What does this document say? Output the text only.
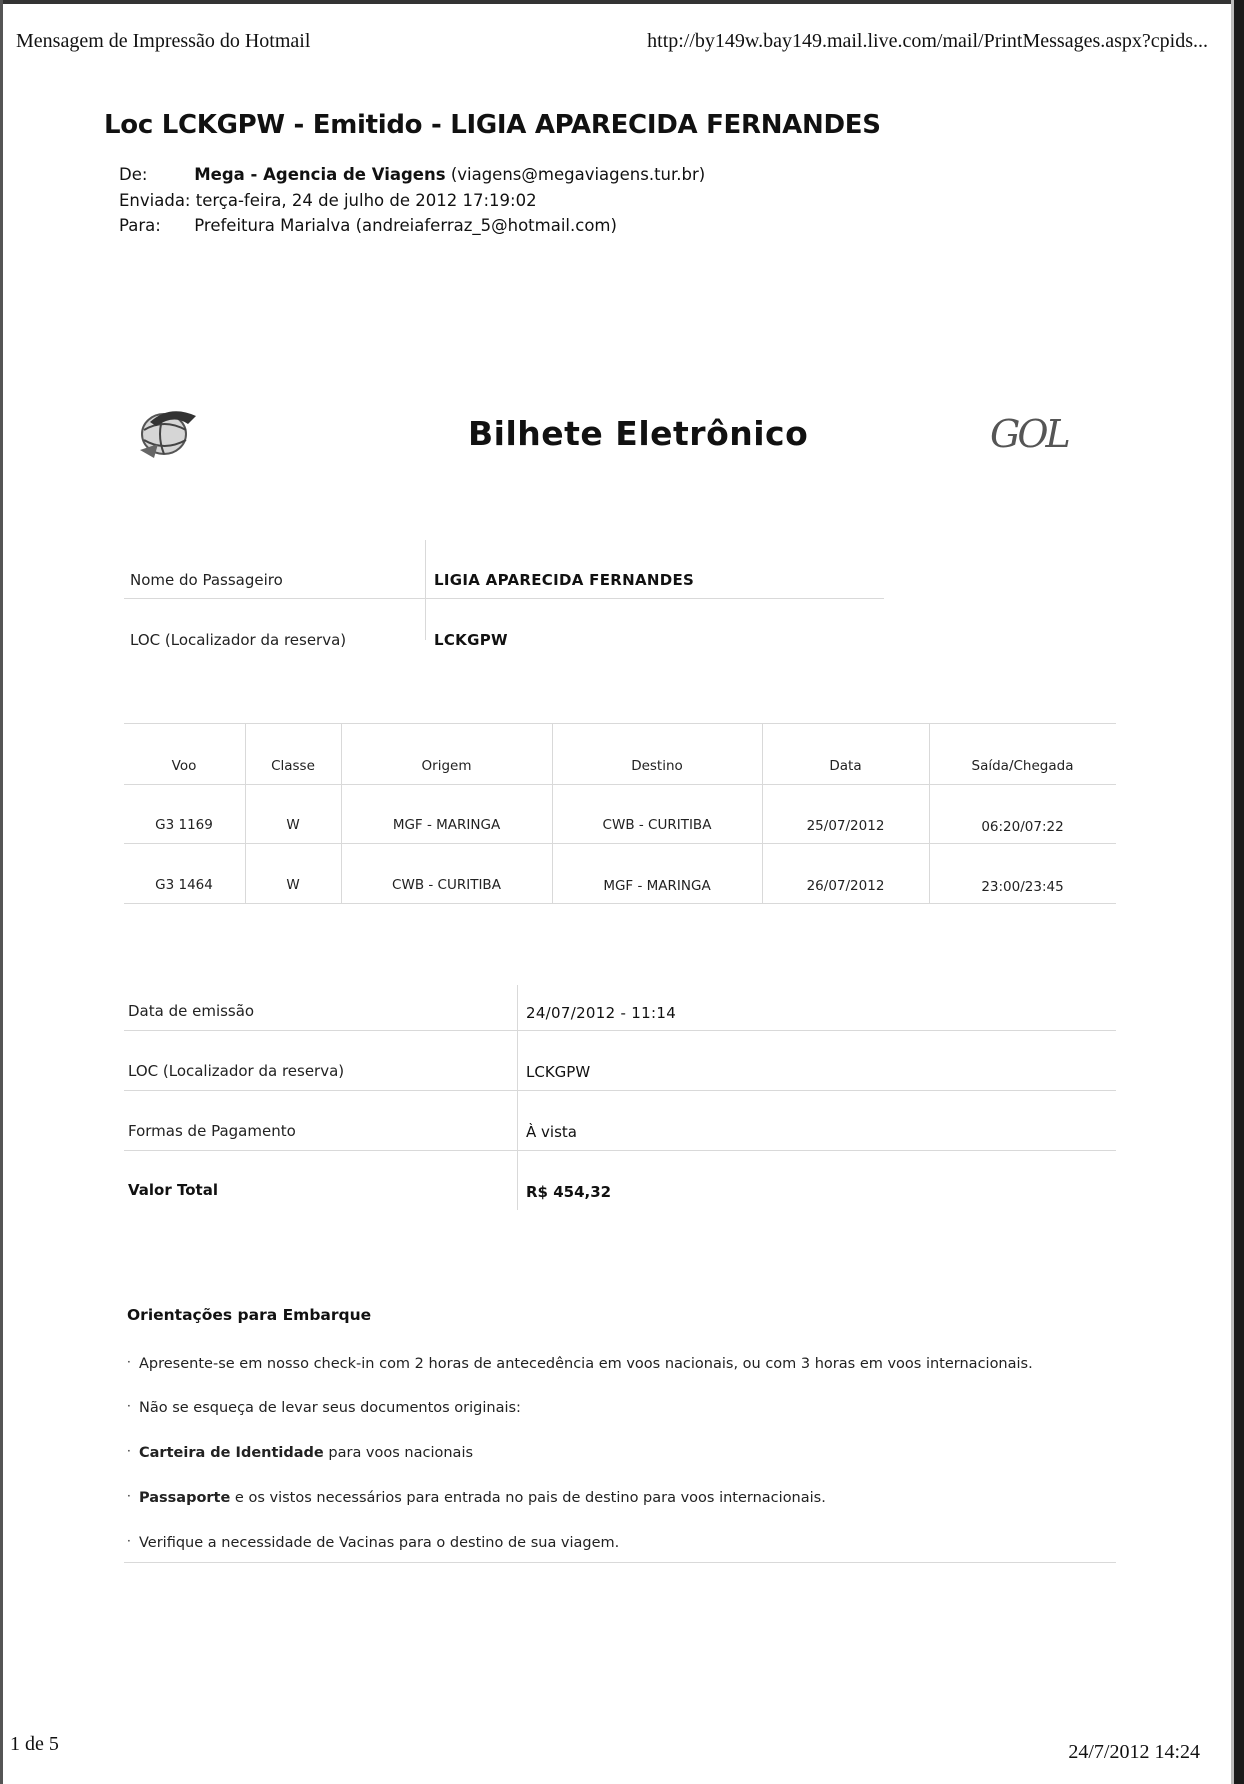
Mensagem de Impressão do Hotmail	http://by149w.bay149.mail.live.com/mail/PrintMessages.aspx?cpids...
Loc LCKGPW - Emitido - LIGIA APARECIDA FERNANDES
De:	Mega - Agencia de Viagens (viagens@megaviagens.tur.br)
Enviada: terça-feira, 24 de julho de 2012 17:19:02
Para: Prefeitura Marialva (andreiaferraz_5@hotmail.com)
Bilhete Eletrônico	GOL
Nome do Passageiro	LIGIA APARECIDA FERNANDES
LOC (Localizador da reserva)	LCKGPW
Voo	Classe	Origem	Destino	Data	Saída/Chegada
G3 1169	W	MGF - MARINGA	CWB - CURITIBA	25/07/2012	06:20/07:22
G3 1464	W	CWB - CURITIBA	MGF - MARINGA	26/07/2012	23:00/23:45
Data de emissão	24/07/2012 - 11:14
LOC (Localizador da reserva)	LCKGPW
Formas de Pagamento	À vista
Valor Total	R$ 454,32
Orientações para Embarque
· Apresente-se em nosso check-in com 2 horas de antecedência em voos nacionais, ou com 3 horas em voos internacionais.
· Não se esqueça de levar seus documentos originais:
· Carteira de Identidade para voos nacionais
· Passaporte e os vistos necessários para entrada no pais de destino para voos internacionais.
· Verifique a necessidade de Vacinas para o destino de sua viagem.
1 de 5	24/7/2012 14:24
